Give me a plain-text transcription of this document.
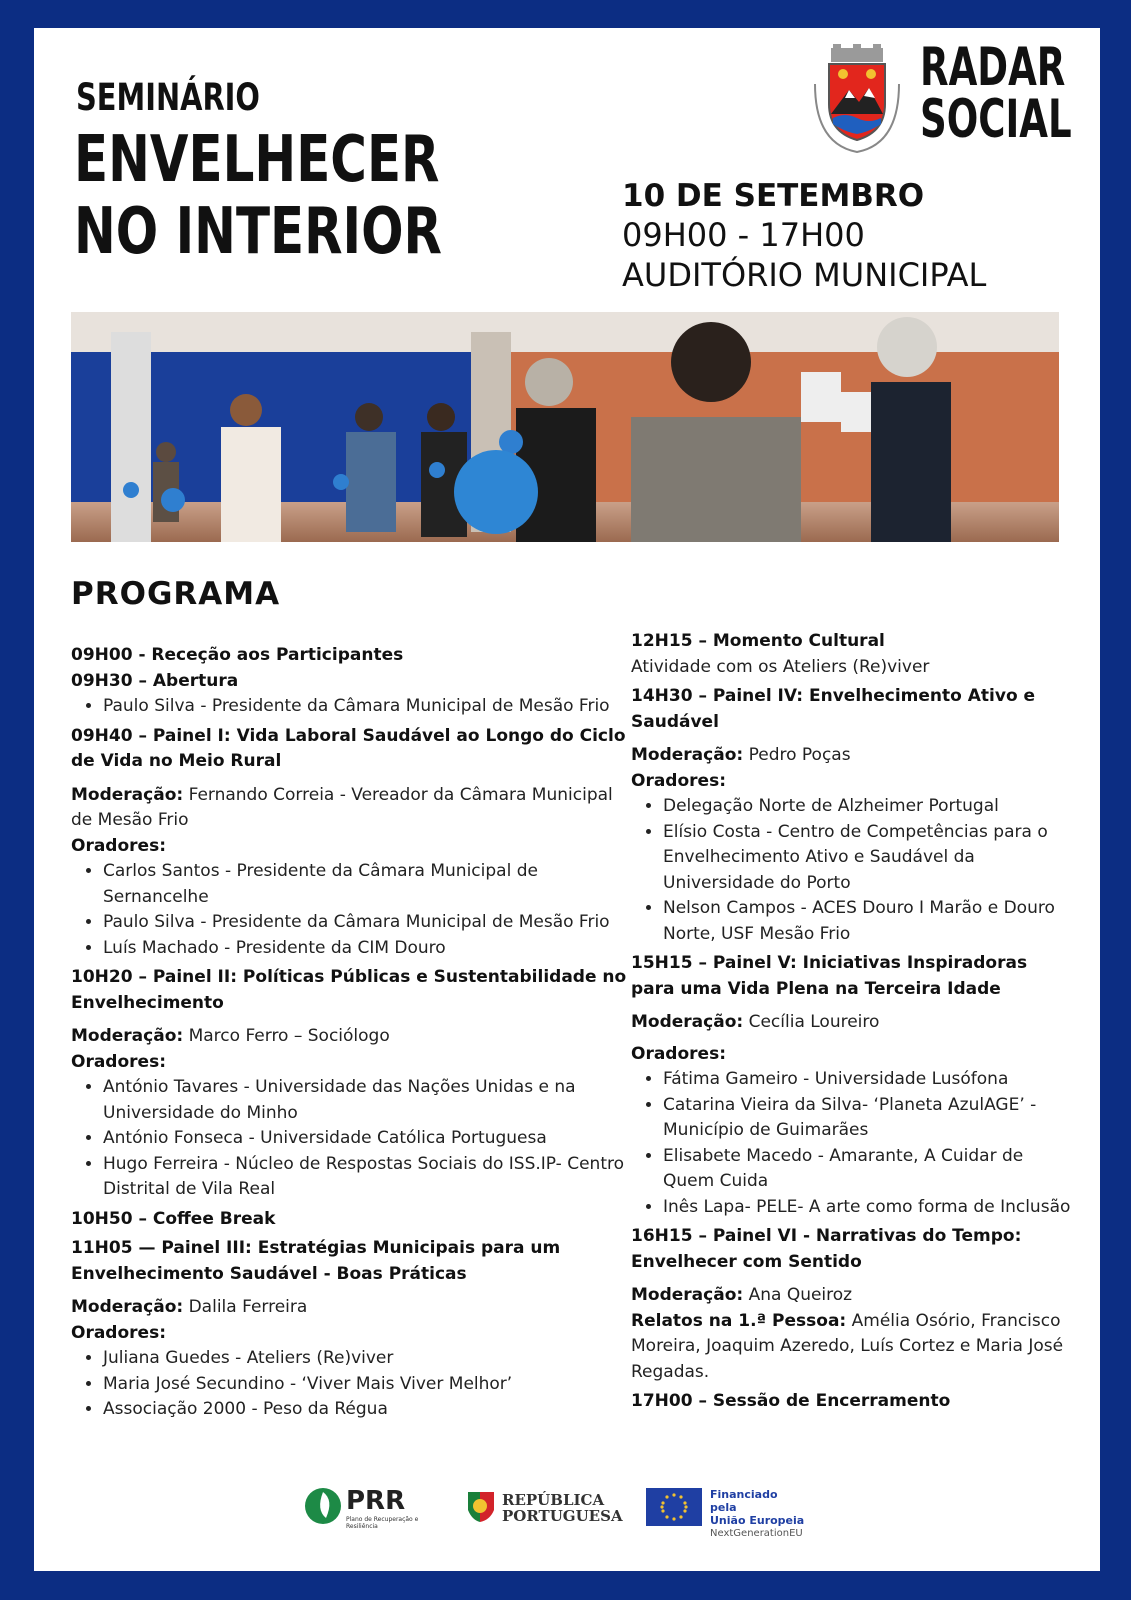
SEMINÁRIO
ENVELHECER
NO INTERIOR
RADAR
SOCIAL
10 DE SETEMBRO
09H00 - 17H00
AUDITÓRIO MUNICIPAL
PROGRAMA
09H00 - Receção aos Participantes
09H30 – Abertura
• Paulo Silva - Presidente da Câmara Municipal de Mesão Frio
09H40 – Painel I: Vida Laboral Saudável ao Longo do Ciclo de Vida no Meio Rural

Moderação: Fernando Correia - Vereador da Câmara Municipal de Mesão Frio

Oradores:
• Carlos Santos - Presidente da Câmara Municipal de Sernancelhe
• Paulo Silva - Presidente da Câmara Municipal de Mesão Frio
• Luís Machado - Presidente da CIM Douro
10H20 – Painel II: Políticas Públicas e Sustentabilidade no Envelhecimento

Moderação: Marco Ferro – Sociólogo

Oradores:
• António Tavares - Universidade das Nações Unidas e na Universidade do Minho
• António Fonseca - Universidade Católica Portuguesa
• Hugo Ferreira - Núcleo de Respostas Sociais do ISS.IP- Centro Distrital de Vila Real
10H50 – Coffee Break
11H05 — Painel III: Estratégias Municipais para um Envelhecimento Saudável - Boas Práticas

Moderação: Dalila Ferreira

Oradores:
• Juliana Guedes - Ateliers (Re)viver
• Maria José Secundino - ‘Viver Mais Viver Melhor’
• Associação 2000 - Peso da Régua
12H15 – Momento Cultural

Atividade com os Ateliers (Re)viver

14H30 – Painel IV: Envelhecimento Ativo e Saudável

Moderação: Pedro Poças

Oradores:
• Delegação Norte de Alzheimer Portugal
• Elísio Costa - Centro de Competências para o Envelhecimento Ativo e Saudável da Universidade do Porto
• Nelson Campos - ACES Douro I Marão e Douro Norte, USF Mesão Frio
15H15 – Painel V: Iniciativas Inspiradoras para uma Vida Plena na Terceira Idade

Moderação: Cecília Loureiro

Oradores:
• Fátima Gameiro - Universidade Lusófona
• Catarina Vieira da Silva- ‘Planeta AzulAGE’ - Município de Guimarães
• Elisabete Macedo - Amarante, A Cuidar de Quem Cuida
• Inês Lapa- PELE- A arte como forma de Inclusão
16H15 – Painel VI - Narrativas do Tempo: Envelhecer com Sentido

Moderação: Ana Queiroz

Relatos na 1.ª Pessoa: Amélia Osório, Francisco Moreira, Joaquim Azeredo, Luís Cortez e Maria José Regadas.

17H00 – Sessão de Encerramento
PRR
Plano de Recuperação e Resiliência
REPÚBLICA
PORTUGUESA
Financiado pela
União Europeia
NextGenerationEU
